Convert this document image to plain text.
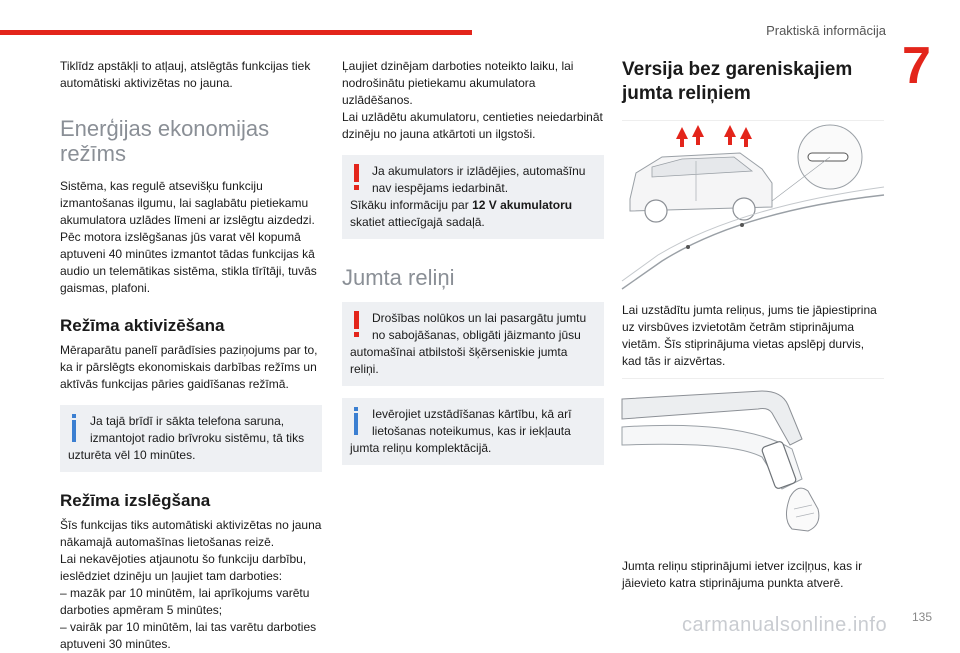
Praktiskā informācija
7

Tiklīdz apstākļi to atļauj, atslēgtās funkcijas tiek automātiski aktivizētas no jauna.

Enerģijas ekonomijas režīms

Sistēma, kas regulē atsevišķu funkciju izmantošanas ilgumu, lai saglabātu pietiekamu akumulatora uzlādes līmeni ar izslēgtu aizdedzi. Pēc motora izslēgšanas jūs varat vēl kopumā aptuveni 40 minūtes izmantot tādas funkcijas kā audio un telemātikas sistēma, stikla tīrītāji, tuvās gaismas, plafoni.

Režīma aktivizēšana

Mēraparātu panelī parādīsies paziņojums par to, ka ir pārslēgts ekonomiskais darbības režīms un aktīvās funkcijas pāries gaidīšanas režīmā.

Ja tajā brīdī ir sākta telefona saruna,

izmantojot radio brīvroku sistēmu, tā tiks uzturēta vēl 10 minūtes.

Režīma izslēgšana

Šīs funkcijas tiks automātiski aktivizētas no jauna nākamajā automašīnas lietošanas reizē.

Lai nekavējoties atjaunotu šo funkciju darbību, ieslēdziet dzinēju un ļaujiet tam darboties:

– mazāk par 10 minūtēm, lai aprīkojums varētu darboties apmēram 5 minūtes;

– vairāk par 10 minūtēm, lai tas varētu darboties aptuveni 30 minūtes.

Ļaujiet dzinējam darboties noteikto laiku, lai nodrošinātu pietiekamu akumulatora uzlādēšanos.

Lai uzlādētu akumulatoru, centieties neiedarbināt dzinēju no jauna atkārtoti un ilgstoši.

Ja akumulators ir izlādējies, automašīnu

nav iespējams iedarbināt.

Sīkāku informāciju par 12 V akumulatoru

skatiet attiecīgajā sadaļā.

Jumta reliņi

Drošības nolūkos un lai pasargātu jumtu

no sabojāšanas, obligāti jāizmanto jūsu automašīnai atbilstoši šķērseniskie jumta reliņi.

Ievērojiet uzstādīšanas kārtību, kā arī

lietošanas noteikumus, kas ir iekļauta jumta reliņu komplektācijā.

Versija bez gareniskajiem jumta reliņiem

Lai uzstādītu jumta reliņus, jums tie jāpiestiprina uz virsbūves izvietotām četrām stiprinājuma vietām. Šīs stiprinājuma vietas apslēpj durvis, kad tās ir aizvērtas.

Jumta reliņu stiprinājumi ietver izciļņus, kas ir jāievieto katra stiprinājuma punkta atverē.

carmanualsonline.info 135
